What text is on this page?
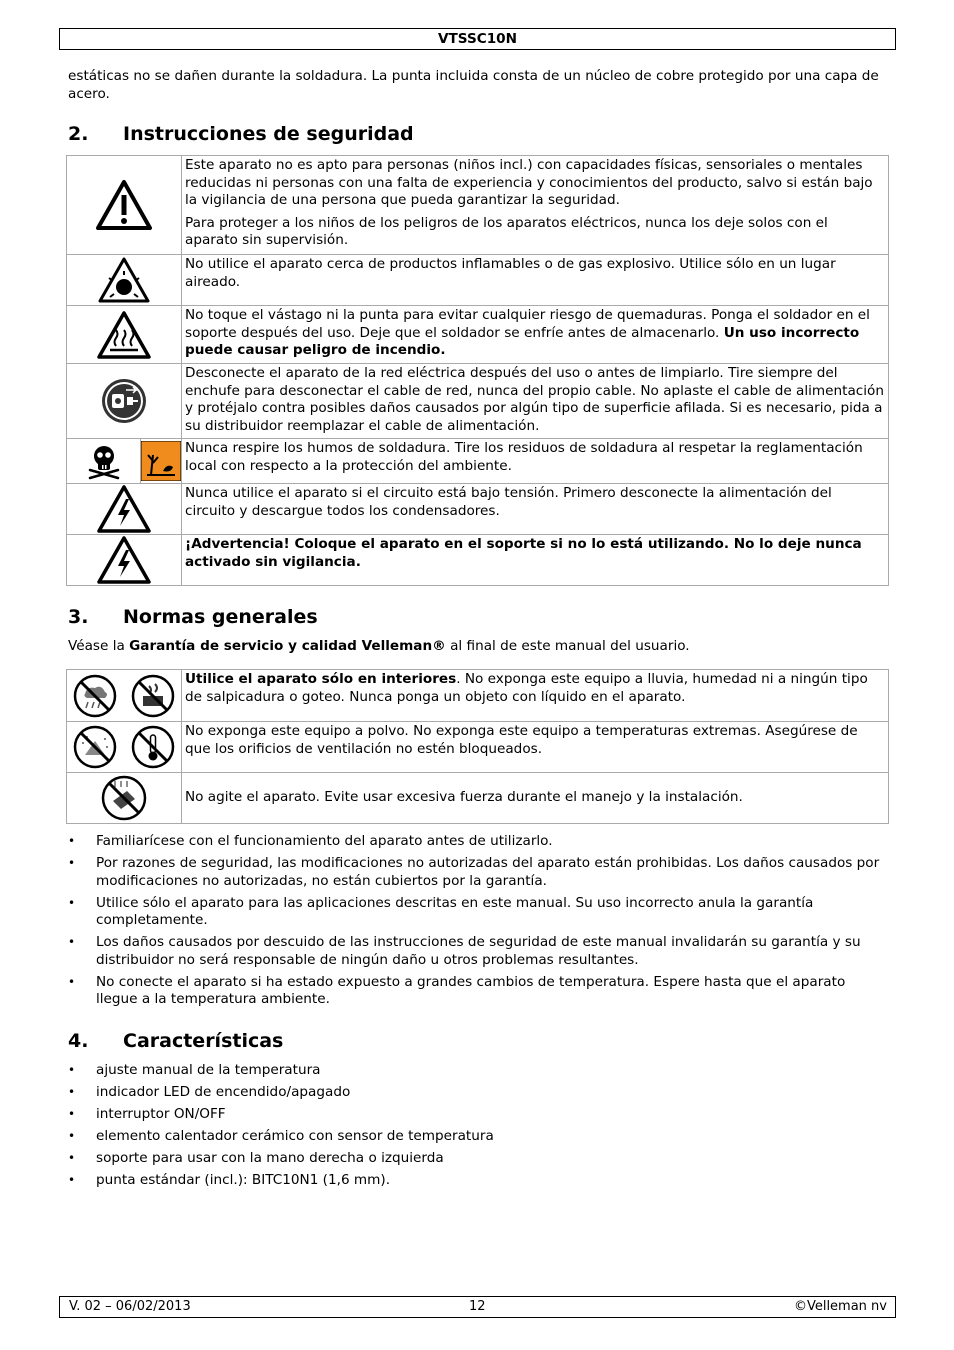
VTSSC10N
estáticas no se dañen durante la soldadura. La punta incluida consta de un núcleo de cobre protegido por una capa de acero.
2. Instrucciones de seguridad

Este aparato no es apto para personas (niños incl.) con capacidades físicas, sensoriales o mentales reducidas ni personas con una falta de experiencia y conocimientos del producto, salvo si están bajo la vigilancia de una persona que pueda garantizar la seguridad.

Para proteger a los niños de los peligros de los aparatos eléctricos, nunca los deje solos con el aparato sin supervisión.

	No utilice el aparato cerca de productos inflamables o de gas explosivo. Utilice sólo en un lugar aireado.

	No toque el vástago ni la punta para evitar cualquier riesgo de quemaduras. Ponga el soldador en el soporte después del uso. Deje que el soldador se enfríe antes de almacenarlo. Un uso incorrecto puede causar peligro de incendio.

	Desconecte el aparato de la red eléctrica después del uso o antes de limpiarlo. Tire siempre del enchufe para desconectar el cable de red, nunca del propio cable. No aplaste el cable de alimentación y protéjalo contra posibles daños causados por algún tipo de superficie afilada. Si es necesario, pida a su distribuidor reemplazar el cable de alimentación.

	Nunca respire los humos de soldadura. Tire los residuos de soldadura al respetar la reglamentación local con respecto a la protección del ambiente.

	Nunca utilice el aparato si el circuito está bajo tensión. Primero desconecte la alimentación del circuito y descargue todos los condensadores.

	¡Advertencia! Coloque el aparato en el soporte si no lo está utilizando. No lo deje nunca activado sin vigilancia.
3. Normas generales
Véase la Garantía de servicio y calidad Velleman® al final de este manual del usuario.
	Utilice el aparato sólo en interiores. No exponga este equipo a lluvia, humedad ni a ningún tipo de salpicadura o goteo. Nunca ponga un objeto con líquido en el aparato.

	No exponga este equipo a polvo. No exponga este equipo a temperaturas extremas. Asegúrese de que los orificios de ventilación no estén bloqueados.

	No agite el aparato. Evite usar excesiva fuerza durante el manejo y la instalación.
• Familiarícese con el funcionamiento del aparato antes de utilizarlo.
• Por razones de seguridad, las modificaciones no autorizadas del aparato están prohibidas. Los daños causados por modificaciones no autorizadas, no están cubiertos por la garantía.
• Utilice sólo el aparato para las aplicaciones descritas en este manual. Su uso incorrecto anula la garantía completamente.
• Los daños causados por descuido de las instrucciones de seguridad de este manual invalidarán su garantía y su distribuidor no será responsable de ningún daño u otros problemas resultantes.
• No conecte el aparato si ha estado expuesto a grandes cambios de temperatura. Espere hasta que el aparato llegue a la temperatura ambiente.
4. Características
• ajuste manual de la temperatura
• indicador LED de encendido/apagado
• interruptor ON/OFF
• elemento calentador cerámico con sensor de temperatura
• soporte para usar con la mano derecha o izquierda
• punta estándar (incl.): BITC10N1 (1,6 mm).
V. 02 – 06/02/2013	12	©Velleman nv
